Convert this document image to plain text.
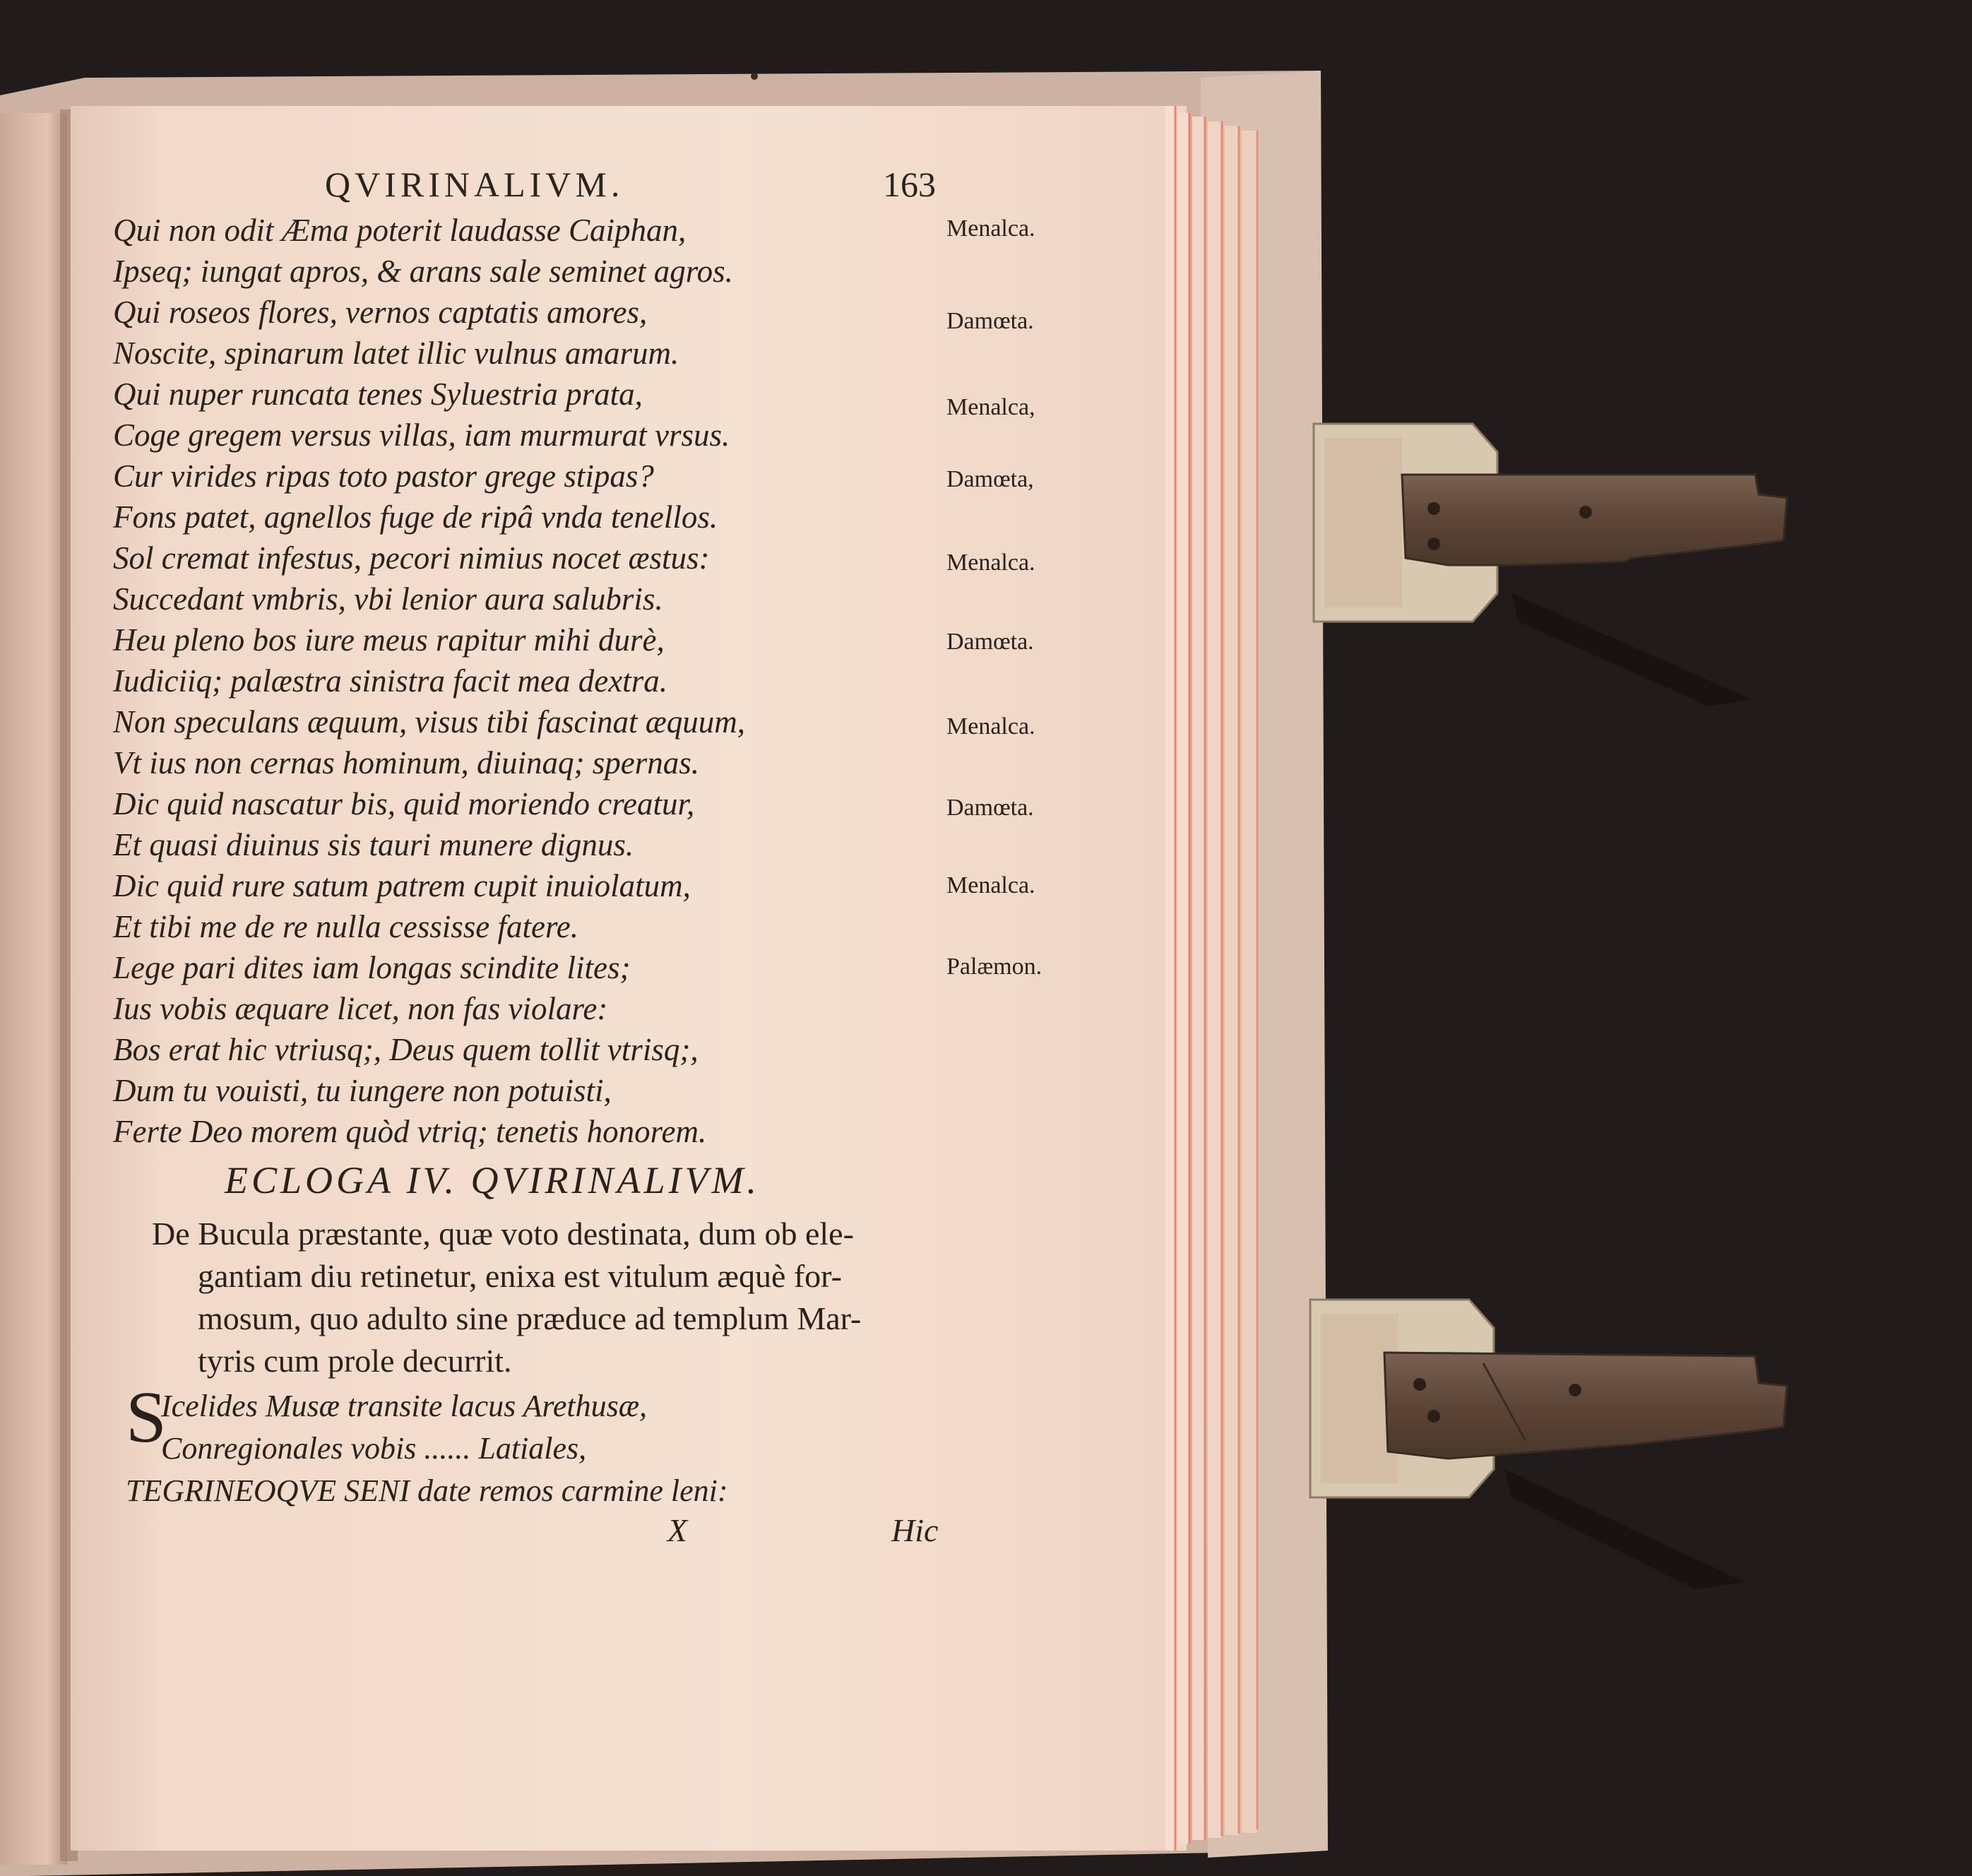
QVIRINALIVM.	163
Qui non odit Æma poterit laudasse Caiphan,
Ipseq; iungat apros, & arans sale seminet agros.
Qui roseos flores, vernos captatis amores,
Noscite, spinarum latet illic vulnus amarum.
Qui nuper runcata tenes Syluestria prata,
Coge gregem versus villas, iam murmurat vrsus.
Cur virides ripas toto pastor grege stipas?
Fons patet, agnellos fuge de ripâ vnda tenellos.
Sol cremat infestus, pecori nimius nocet æstus:
Succedant vmbris, vbi lenior aura salubris.
Heu pleno bos iure meus rapitur mihi durè,
Iudiciiq; palæstra sinistra facit mea dextra.
Non speculans æquum, visus tibi fascinat æquum,
Vt ius non cernas hominum, diuinaq; spernas.
Dic quid nascatur bis, quid moriendo creatur,
Et quasi diuinus sis tauri munere dignus.
Dic quid rure satum patrem cupit inuiolatum,
Et tibi me de re nulla cessisse fatere.
Lege pari dites iam longas scindite lites;
Ius vobis æquare licet, non fas violare:
Bos erat hic vtriusq;, Deus quem tollit vtrisq;,
Dum tu vouisti, tu iungere non potuisti,
Ferte Deo morem quòd vtriq; tenetis honorem.
Menalca.
Damœta.
Menalca,
Damœta,
Menalca.
Damœta.
Menalca.
Damœta.
Menalca.
Palæmon.
ECLOGA IV. QVIRINALIVM.
De Bucula præstante, quæ voto destinata, dum ob ele-
gantiam diu retinetur, enixa est vitulum æquè for-
mosum, quo adulto sine præduce ad templum Mar-
tyris cum prole decurrit.
S
Icelides Musæ transite lacus Arethusæ,
Conregionales vobis ...... Latiales,
TEGRINEOQVE SENI date remos carmine leni:
X	Hic
